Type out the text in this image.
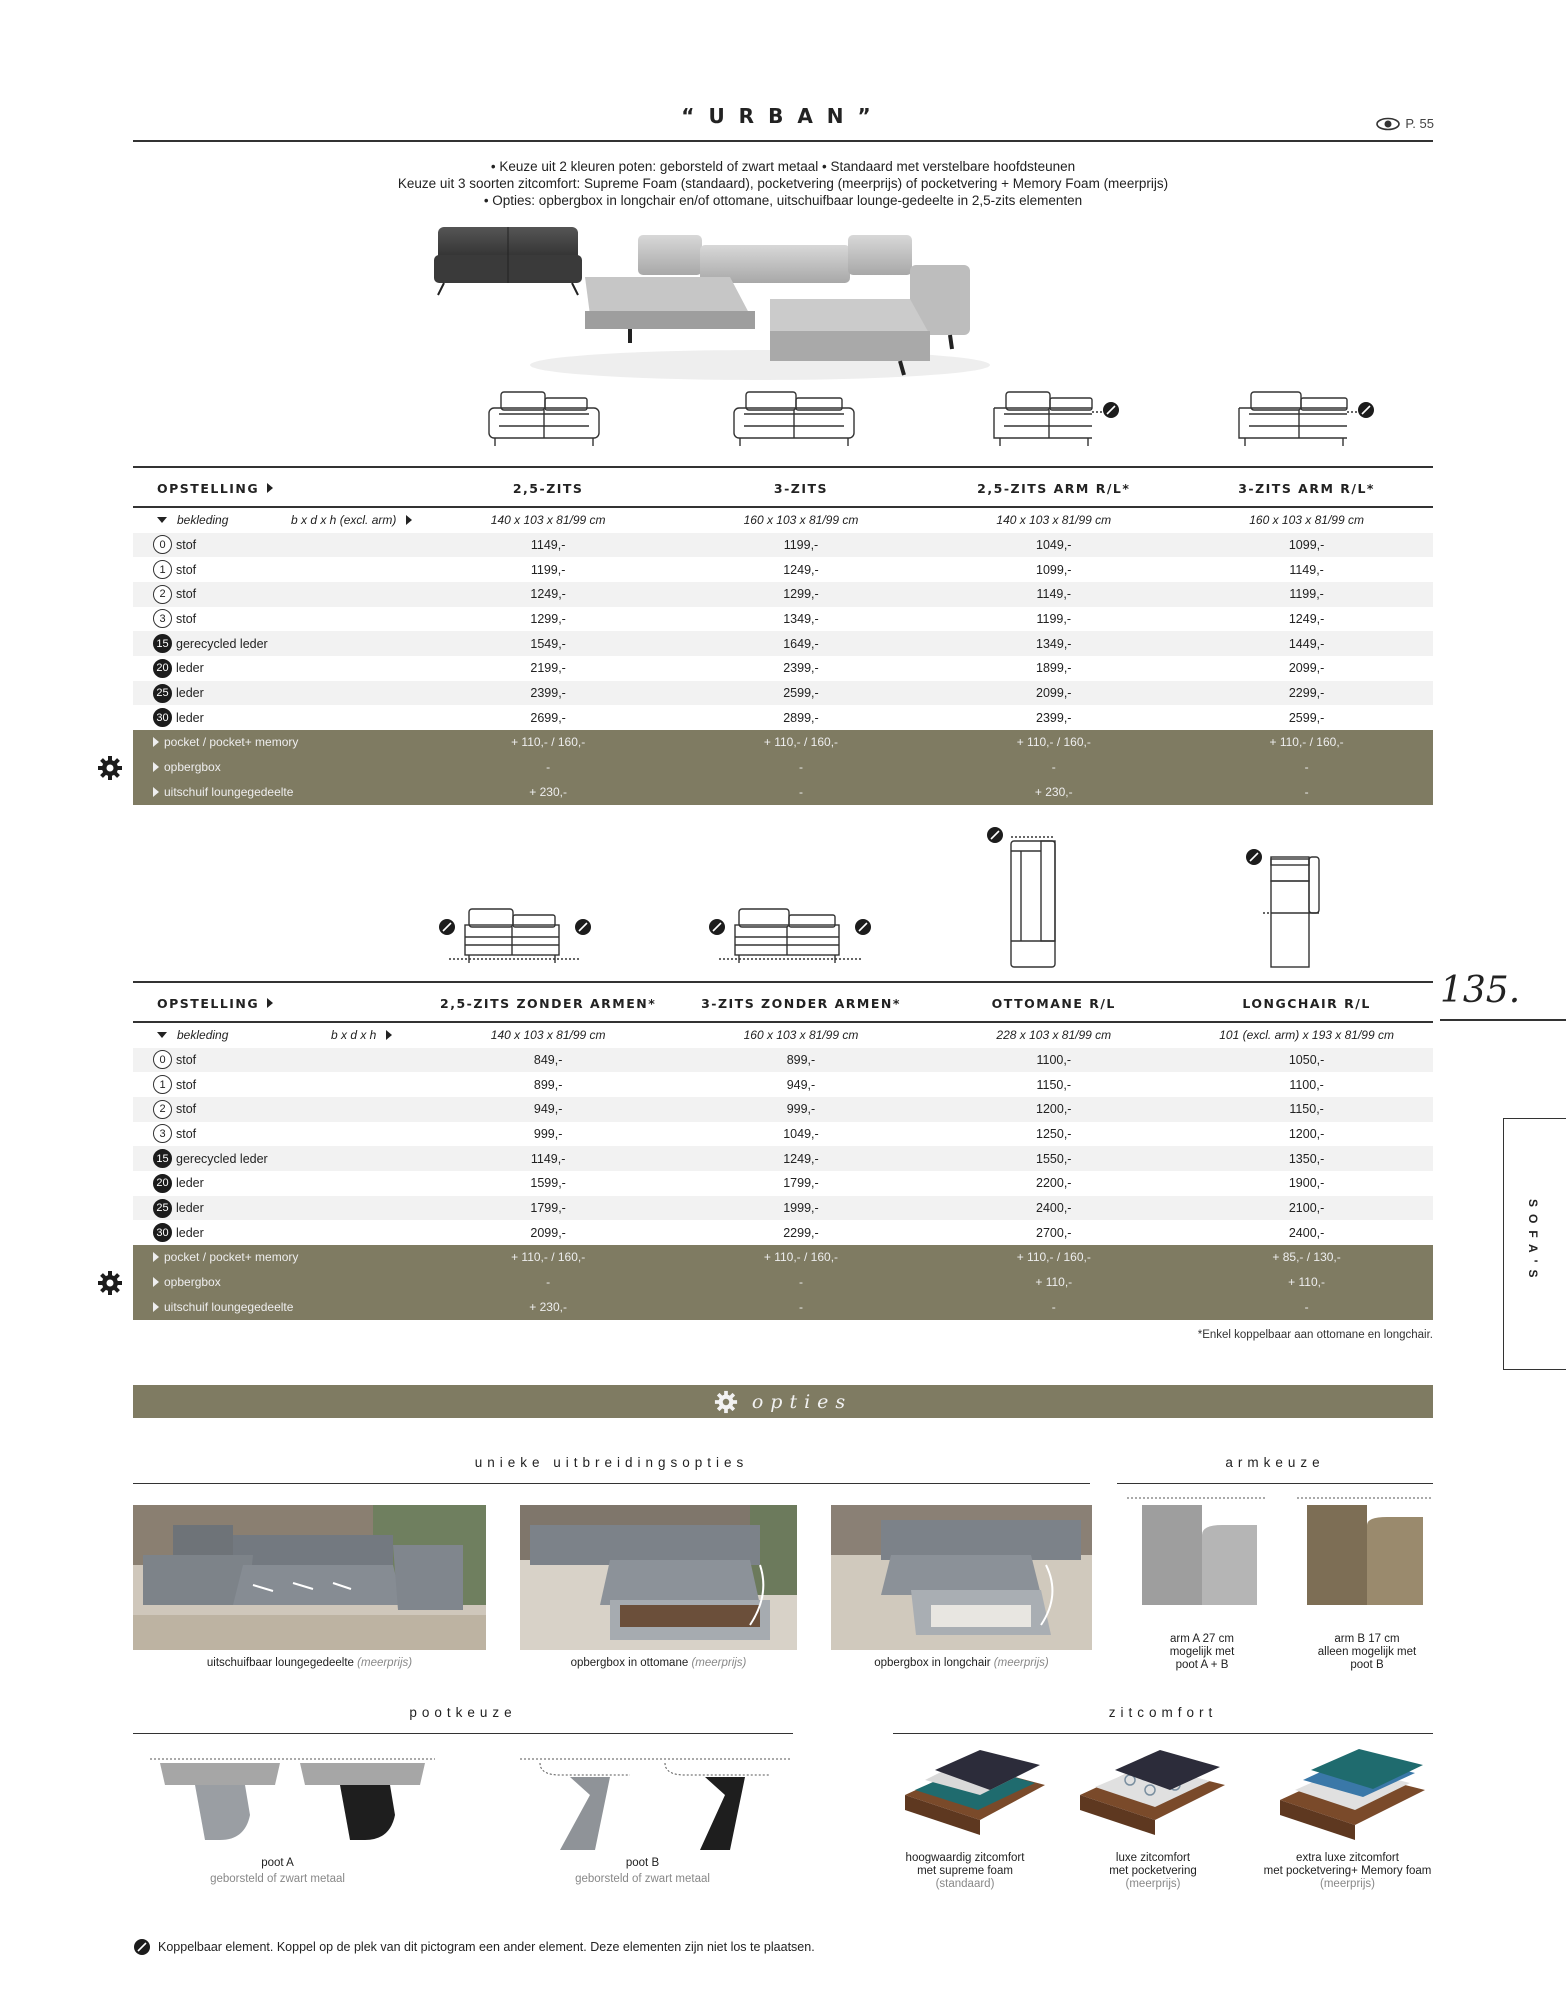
“URBAN”	P. 55
• Keuze uit 2 kleuren poten: geborsteld of zwart metaal • Standaard met verstelbare hoofdsteunen
Keuze uit 3 soorten zitcomfort: Supreme Foam (standaard), pocketvering (meerprijs) of pocketvering + Memory Foam (meerprijs)
• Opties: opbergbox in longchair en/of ottomane, uitschuifbaar lounge-gedeelte in 2,5-zits elementen
OPSTELLING	2,5-ZITS	3-ZITS	2,5-ZITS ARM R/L*	3-ZITS ARM R/L*
bekleding	b x d x h (excl. arm)	140 x 103 x 81/99 cm	160 x 103 x 81/99 cm	140 x 103 x 81/99 cm	160 x 103 x 81/99 cm
0 stof	1149,-	1199,-	1049,-	1099,-
1 stof	1199,-	1249,-	1099,-	1149,-
2 stof	1249,-	1299,-	1149,-	1199,-
3 stof	1299,-	1349,-	1199,-	1249,-
15 gerecycled leder	1549,-	1649,-	1349,-	1449,-
20 leder	2199,-	2399,-	1899,-	2099,-
25 leder	2399,-	2599,-	2099,-	2299,-
30 leder	2699,-	2899,-	2399,-	2599,-
pocket / pocket+ memory	+ 110,- / 160,-	+ 110,- / 160,-	+ 110,- / 160,-	+ 110,- / 160,-
opbergbox	-	-	-	-
uitschuif loungegedeelte	+ 230,-	-	+ 230,-	-
OPSTELLING	2,5-ZITS ZONDER ARMEN*	3-ZITS ZONDER ARMEN*	OTTOMANE R/L	LONGCHAIR R/L
bekleding	b x d x h	140 x 103 x 81/99 cm	160 x 103 x 81/99 cm	228 x 103 x 81/99 cm	101 (excl. arm) x 193 x 81/99 cm
0 stof	849,-	899,-	1100,-	1050,-
1 stof	899,-	949,-	1150,-	1100,-
2 stof	949,-	999,-	1200,-	1150,-
3 stof	999,-	1049,-	1250,-	1200,-
15 gerecycled leder	1149,-	1249,-	1550,-	1350,-
20 leder	1599,-	1799,-	2200,-	1900,-
25 leder	1799,-	1999,-	2400,-	2100,-
30 leder	2099,-	2299,-	2700,-	2400,-
pocket / pocket+ memory	+ 110,- / 160,-	+ 110,- / 160,-	+ 110,- / 160,-	+ 85,- / 130,-
opbergbox	-	-	+ 110,-	+ 110,-
uitschuif loungegedeelte	+ 230,-	-	-	-
135.
SOFA'S
*Enkel koppelbaar aan ottomane en longchair.
opties
unieke uitbreidingsopties
uitschuifbaar loungegedeelte (meerprijs)	opbergbox in ottomane (meerprijs)	opbergbox in longchair (meerprijs)
armkeuze
arm A 27 cm
mogelijk met
poot A + B
arm B 17 cm
alleen mogelijk met
poot B
pootkeuze
poot A
geborsteld of zwart metaal
poot B
geborsteld of zwart metaal
zitcomfort
hoogwaardig zitcomfort
met supreme foam
(standaard)
luxe zitcomfort
met pocketvering
(meerprijs)
extra luxe zitcomfort
met pocketvering+ Memory foam
(meerprijs)
Koppelbaar element. Koppel op de plek van dit pictogram een ander element. Deze elementen zijn niet los te plaatsen.
